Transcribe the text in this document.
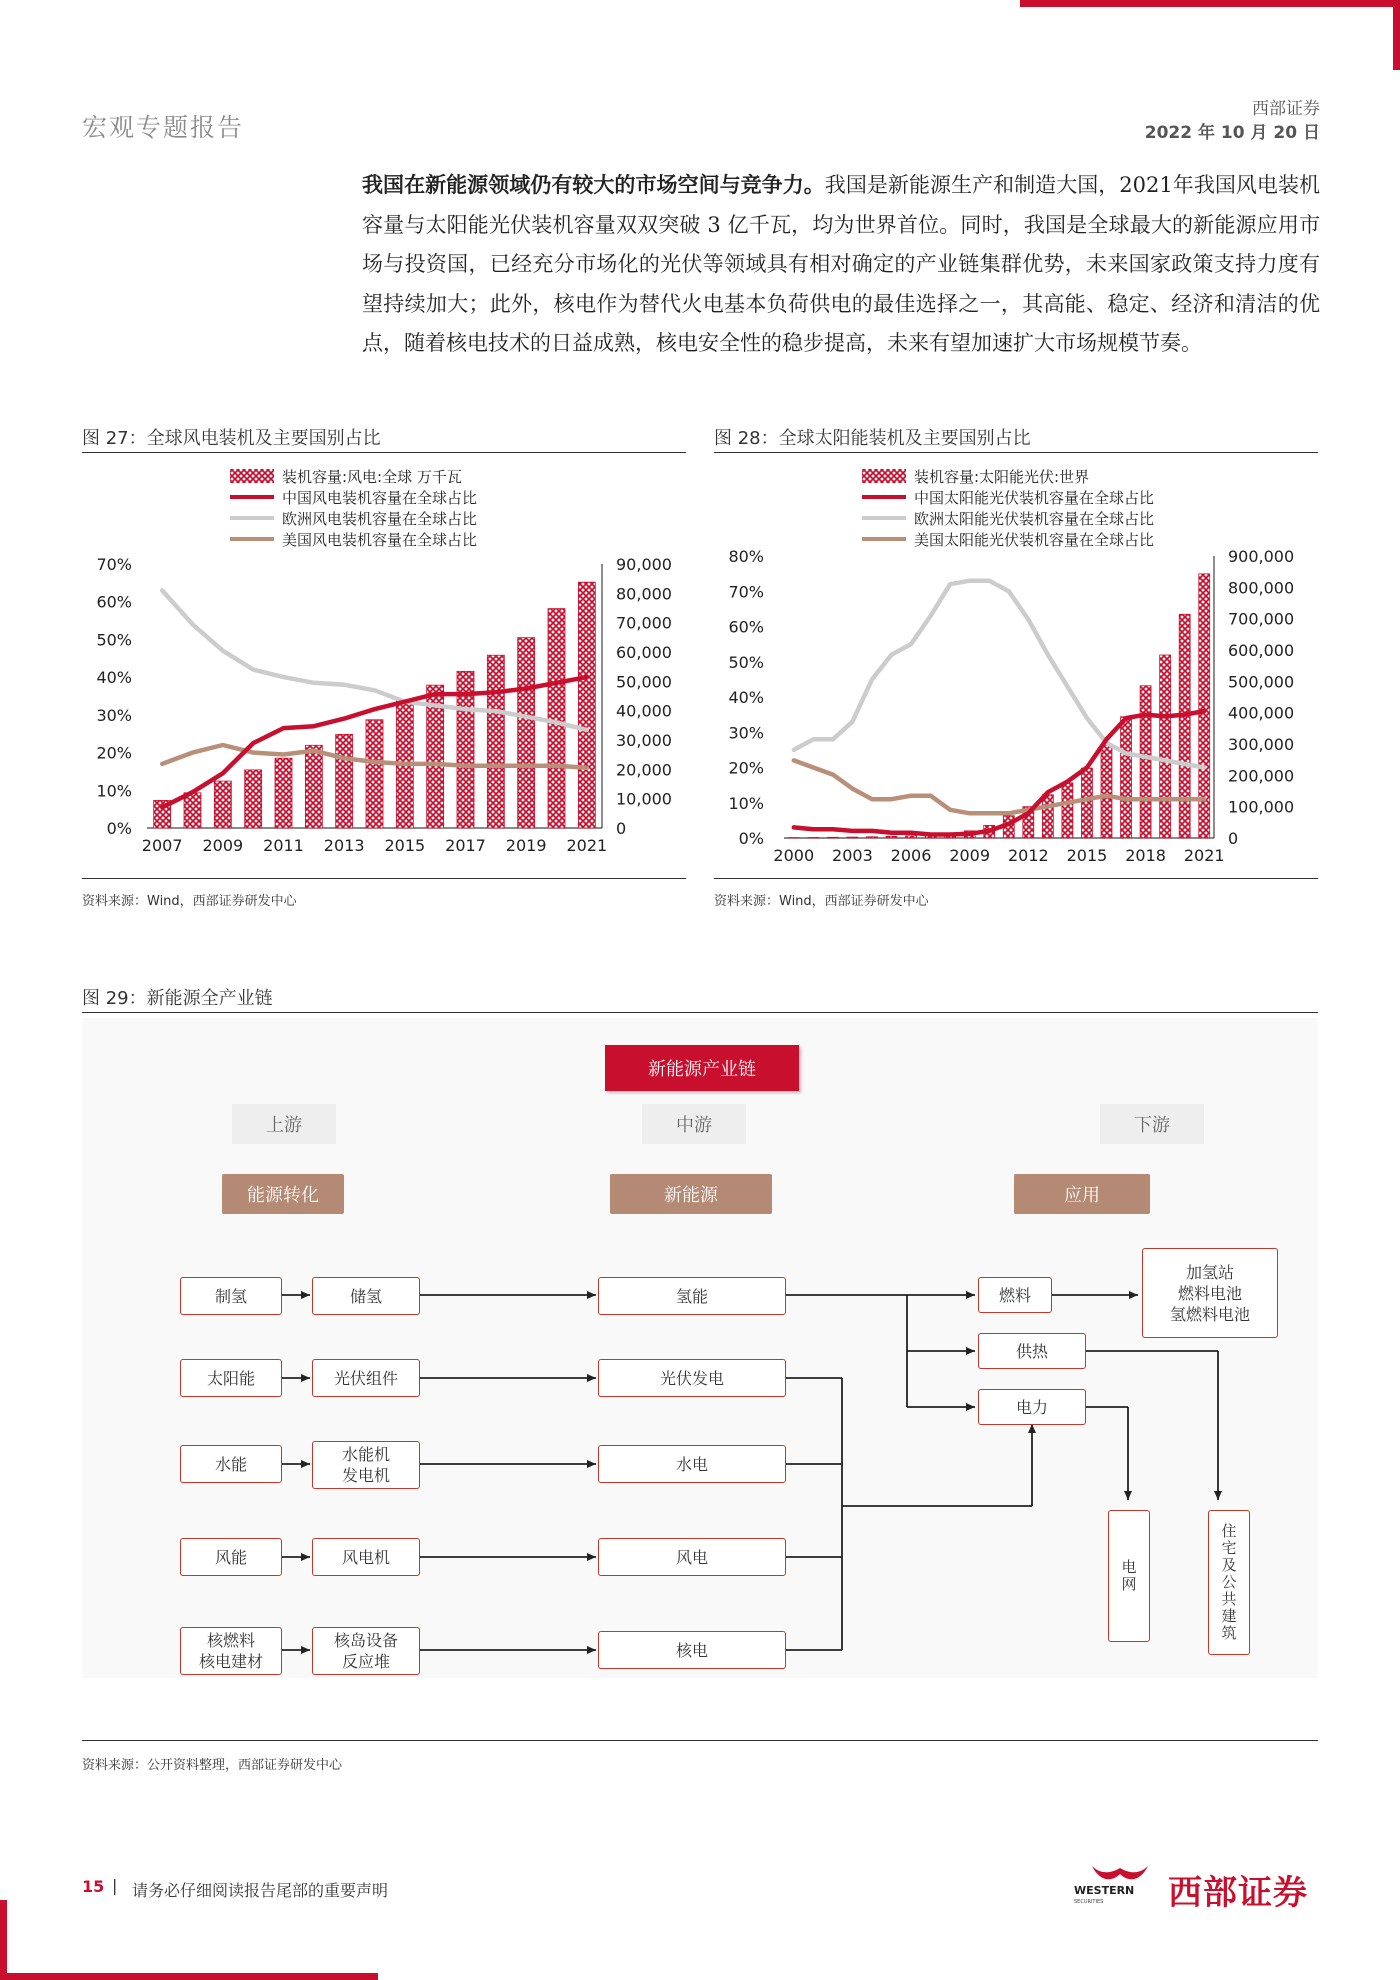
宏观专题报告
西部证券
2022 年 10 月 20 日
我国在新能源领域仍有较大的市场空间与竞争力。我国是新能源生产和制造大国，2021年我国风电装机容量与太阳能光伏装机容量双双突破 3 亿千瓦，均为世界首位。同时，我国是全球最大的新能源应用市场与投资国，已经充分市场化的光伏等领域具有相对确定的产业链集群优势，未来国家政策支持力度有望持续加大；此外，核电作为替代火电基本负荷供电的最佳选择之一，其高能、稳定、经济和清洁的优点，随着核电技术的日益成熟，核电安全性的稳步提高，未来有望加速扩大市场规模节奏。
图 27：全球风电装机及主要国别占比
装机容量:风电:全球 万千瓦
中国风电装机容量在全球占比
欧洲风电装机容量在全球占比
美国风电装机容量在全球占比
0%
10%
20%
30%
40%
50%
60%
70%
0
10,000
20,000
30,000
40,000
50,000
60,000
70,000
80,000
90,000
2007 2009 2011 2013 2015 2017 2019 2021
资料来源：Wind，西部证券研发中心
图 28：全球太阳能装机及主要国别占比
装机容量:太阳能光伏:世界
中国太阳能光伏装机容量在全球占比
欧洲太阳能光伏装机容量在全球占比
美国太阳能光伏装机容量在全球占比
0%
10%
20%
30%
40%
50%
60%
70%
80%
0
100,000
200,000
300,000
400,000
500,000
600,000
700,000
800,000
900,000
2000 2003 2006 2009 2012 2015 2018 2021
资料来源：Wind，西部证券研发中心
图 29：新能源全产业链
新能源产业链
上游	中游	下游
能源转化	新能源	应用
制氢
太阳能
水能
风能
核燃料
核电建材
储氢
光伏组件
水能机
发电机
风电机
核岛设备
反应堆
氢能
光伏发电
水电
风电
核电
燃料
供热
电力
加氢站
燃料电池
氢燃料电池
电网	住宅及公共建筑
资料来源：公开资料整理，西部证券研发中心
15 | 请务必仔细阅读报告尾部的重要声明	WESTERN
SECURITIES 西部证券
